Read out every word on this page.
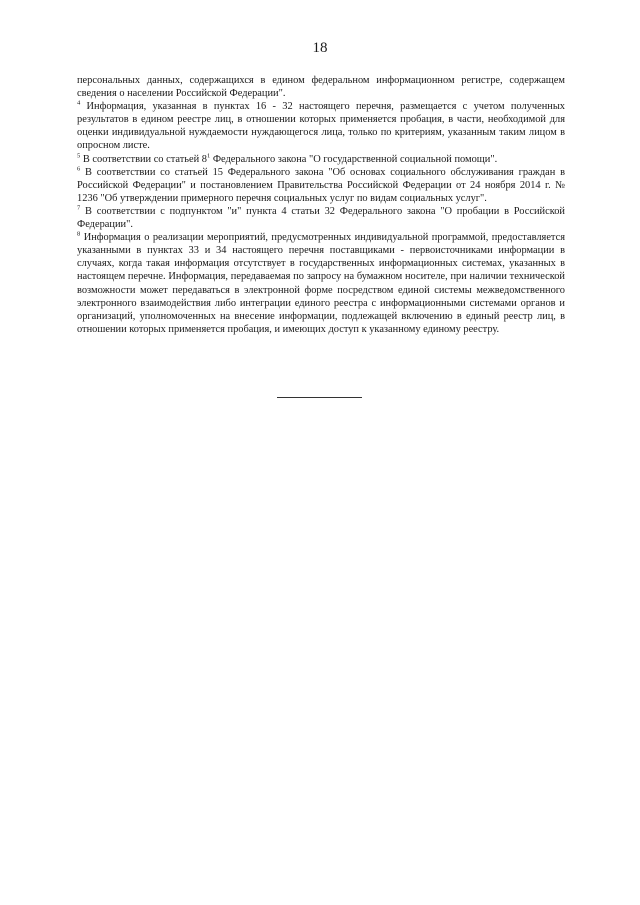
18

персональных данных, содержащихся в едином федеральном информационном регистре, содержащем сведения о населении Российской Федерации".

$^4$ Информация, указанная в пунктах 16 - 32 настоящего перечня, размещается с учетом полученных результатов в едином реестре лиц, в отношении которых применяется пробация, в части, необходимой для оценки индивидуальной нуждаемости нуждающегося лица, только по критериям, указанным таким лицом в опросном листе.

$^5$ В соответствии со статьей $8^1$ Федерального закона "О государственной социальной помощи".

$^6$ В соответствии со статьей 15 Федерального закона "Об основах социального обслуживания граждан в Российской Федерации" и постановлением Правительства Российской Федерации от 24 ноября 2014 г. № 1236 "Об утверждении примерного перечня социальных услуг по видам социальных услуг".

$^7$ В соответствии с подпунктом "и" пункта 4 статьи 32 Федерального закона "О пробации в Российской Федерации".

$^8$ Информация о реализации мероприятий, предусмотренных индивидуальной программой, предоставляется указанными в пунктах 33 и 34 настоящего перечня поставщиками - первоисточниками информации в случаях, когда такая информация отсутствует в государственных информационных системах, указанных в настоящем перечне. Информация, передаваемая по запросу на бумажном носителе, при наличии технической возможности может передаваться в электронной форме посредством единой системы межведомственного электронного взаимодействия либо интеграции единого реестра с информационными системами органов и организаций, уполномоченных на внесение информации, подлежащей включению в единый реестр лиц, в отношении которых применяется пробация, и имеющих доступ к указанному единому реестру.
